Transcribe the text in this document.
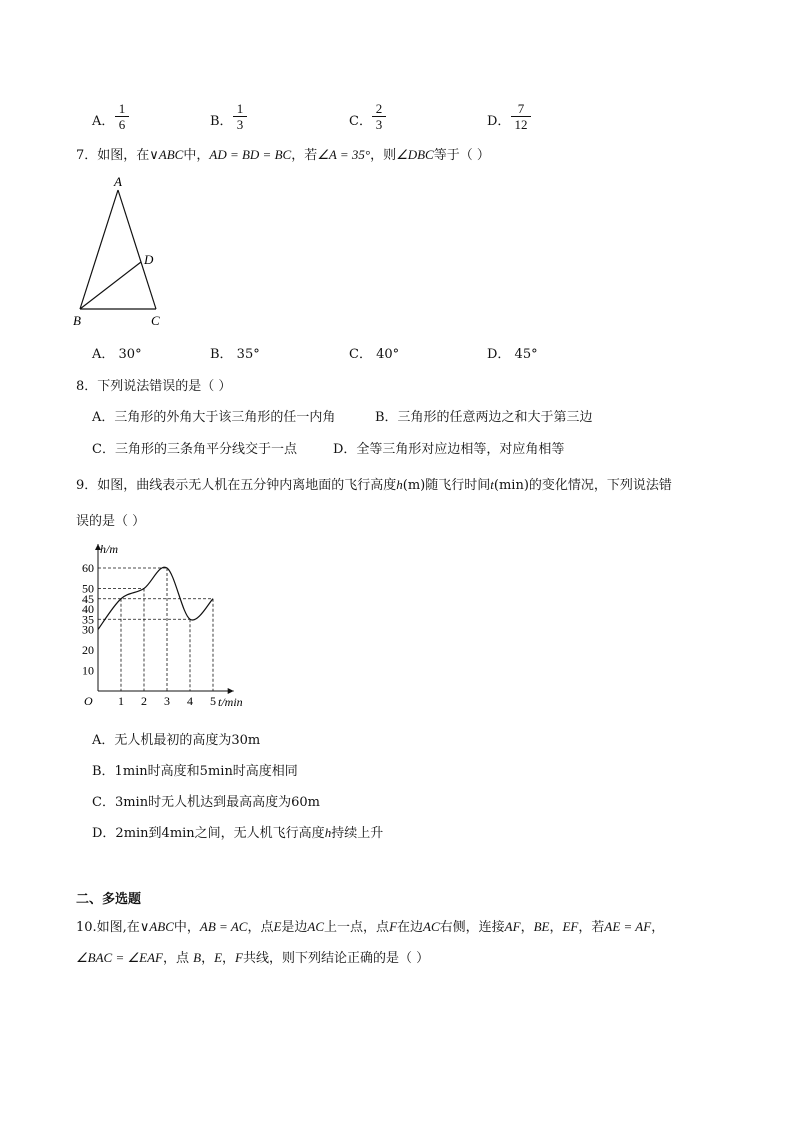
A． $\frac{1}{6}$	B． $\frac{1}{3}$	C． $\frac{2}{3}$	D． $\frac{7}{12}$
7．如图，在∨ABC中，AD = BD = BC，若∠A = 35°，则∠DBC等于（ ）
A
D
B	C
A． 30°	B． 35°	C． 40°	D． 45°
8．下列说法错误的是（ ）
A．三角形的外角大于该三角形的任一内角	B．三角形的任意两边之和大于第三边
C．三角形的三条角平分线交于一点	D．全等三角形对应边相等，对应角相等
9．如图，曲线表示无人机在五分钟内离地面的飞行高度h(m)随飞行时间t(min)的变化情况，下列说法错
误的是（ ）
10
20
30
35
40
45
50
60
1 2 3 4 5
h/m
t/min
O
A．无人机最初的高度为30m
B．1min时高度和5min时高度相同
C．3min时无人机达到最高高度为60m
D．2min到4min之间，无人机飞行高度h持续上升
二、多选题
10.如图,在∨ABC中，AB = AC，点E是边AC上一点，点F在边AC右侧，连接AF，BE，EF，若AE = AF，
∠BAC = ∠EAF，点 B，E，F共线，则下列结论正确的是（ ）
